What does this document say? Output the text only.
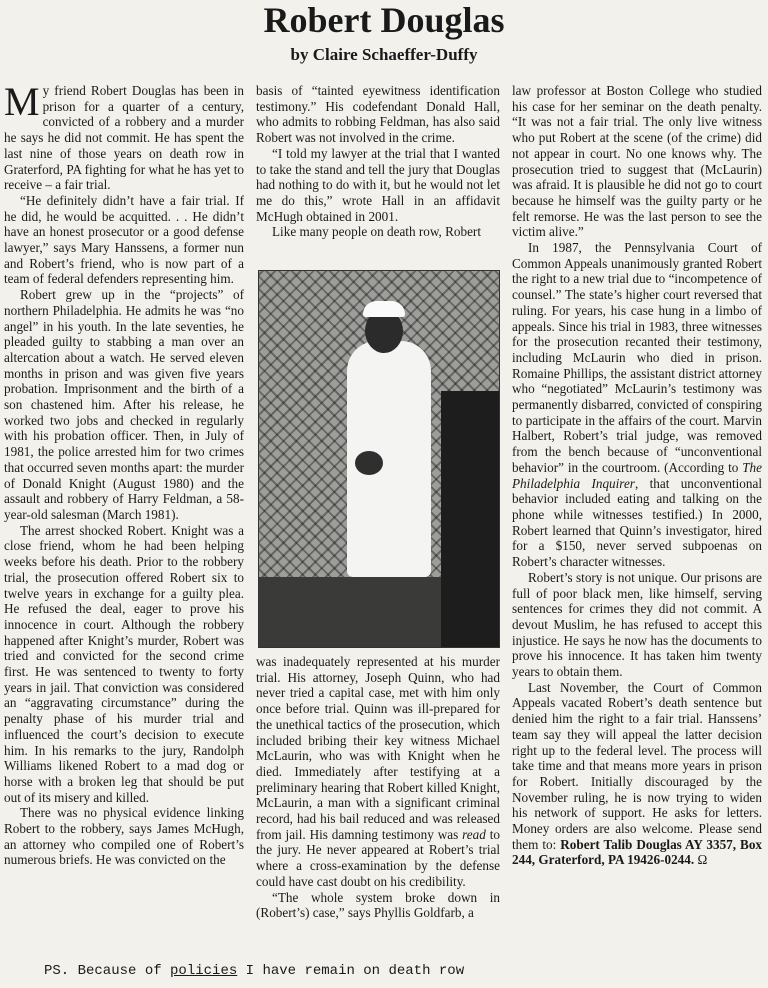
Robert Douglas
by Claire Schaeffer-Duffy

My friend Robert Douglas has been in prison for a quarter of a century, convicted of a robbery and a murder he says he did not commit. He has spent the last nine of those years on death row in Graterford, PA fighting for what he has yet to receive – a fair trial.

“He definitely didn’t have a fair trial. If he did, he would be acquitted. . . He didn’t have an honest prosecutor or a good defense lawyer,” says Mary Hanssens, a former nun and Robert’s friend, who is now part of a team of federal defenders representing him.

Robert grew up in the “projects” of northern Philadelphia. He admits he was “no angel” in his youth. In the late seventies, he pleaded guilty to stabbing a man over an altercation about a watch. He served eleven months in prison and was given five years probation. Imprisonment and the birth of a son chastened him. After his release, he worked two jobs and checked in regularly with his probation officer. Then, in July of 1981, the police arrested him for two crimes that occurred seven months apart: the murder of Donald Knight (August 1980) and the assault and robbery of Harry Feldman, a 58-year-old salesman (March 1981).

The arrest shocked Robert. Knight was a close friend, whom he had been helping weeks before his death. Prior to the robbery trial, the prosecution offered Robert six to twelve years in exchange for a guilty plea. He refused the deal, eager to prove his innocence in court. Although the robbery happened after Knight’s murder, Robert was tried and convicted for the second crime first. He was sentenced to twenty to forty years in jail. That conviction was considered an “aggravating circumstance” during the penalty phase of his murder trial and influenced the court’s decision to execute him. In his remarks to the jury, Randolph Williams likened Robert to a mad dog or horse with a broken leg that should be put out of its misery and killed.

There was no physical evidence linking Robert to the robbery, says James McHugh, an attorney who compiled one of Robert’s numerous briefs. He was convicted on the

basis of “tainted eyewitness identification testimony.” His codefendant Donald Hall, who admits to robbing Feldman, has also said Robert was not involved in the crime.

“I told my lawyer at the trial that I wanted to take the stand and tell the jury that Douglas had nothing to do with it, but he would not let me do this,” wrote Hall in an affidavit McHugh obtained in 2001.

Like many people on death row, Robert

was inadequately represented at his murder trial. His attorney, Joseph Quinn, who had never tried a capital case, met with him only once before trial. Quinn was ill-prepared for the unethical tactics of the prosecution, which included bribing their key witness Michael McLaurin, who was with Knight when he died. Immediately after testifying at a preliminary hearing that Robert killed Knight, McLaurin, a man with a significant criminal record, had his bail reduced and was released from jail. His damning testimony was read to the jury. He never appeared at Robert’s trial where a cross-examination by the defense could have cast doubt on his credibility.

“The whole system broke down in (Robert’s) case,” says Phyllis Goldfarb, a

law professor at Boston College who studied his case for her seminar on the death penalty. “It was not a fair trial. The only live witness who put Robert at the scene (of the crime) did not appear in court. No one knows why. The prosecution tried to suggest that (McLaurin) was afraid. It is plausible he did not go to court because he himself was the guilty party or he felt remorse. He was the last person to see the victim alive.”

In 1987, the Pennsylvania Court of Common Appeals unanimously granted Robert the right to a new trial due to “incompetence of counsel.” The state’s higher court reversed that ruling. For years, his case hung in a limbo of appeals. Since his trial in 1983, three witnesses for the prosecution recanted their testimony, including McLaurin who died in prison. Romaine Phillips, the assistant district attorney who “negotiated” McLaurin’s testimony was permanently disbarred, convicted of conspiring to participate in the affairs of the court. Marvin Halbert, Robert’s trial judge, was removed from the bench because of “unconventional behavior” in the courtroom. (According to The Philadelphia Inquirer, that unconventional behavior included eating and talking on the phone while witnesses testified.) In 2000, Robert learned that Quinn’s investigator, hired for a $150, never served subpoenas on Robert’s character witnesses.

Robert’s story is not unique. Our prisons are full of poor black men, like himself, serving sentences for crimes they did not commit. A devout Muslim, he has refused to accept this injustice. He says he now has the documents to prove his innocence. It has taken him twenty years to obtain them.

Last November, the Court of Common Appeals vacated Robert’s death sentence but denied him the right to a fair trial. Hanssens’ team say they will appeal the latter decision right up to the federal level. The process will take time and that means more years in prison for Robert. Initially discouraged by the November ruling, he is now trying to widen his network of support. He asks for letters. Money orders are also welcome. Please send them to: Robert Talib Douglas AY 3357, Box 244, Graterford, PA 19426-0244. Ω

PS. Because of policies I have remain on death row
